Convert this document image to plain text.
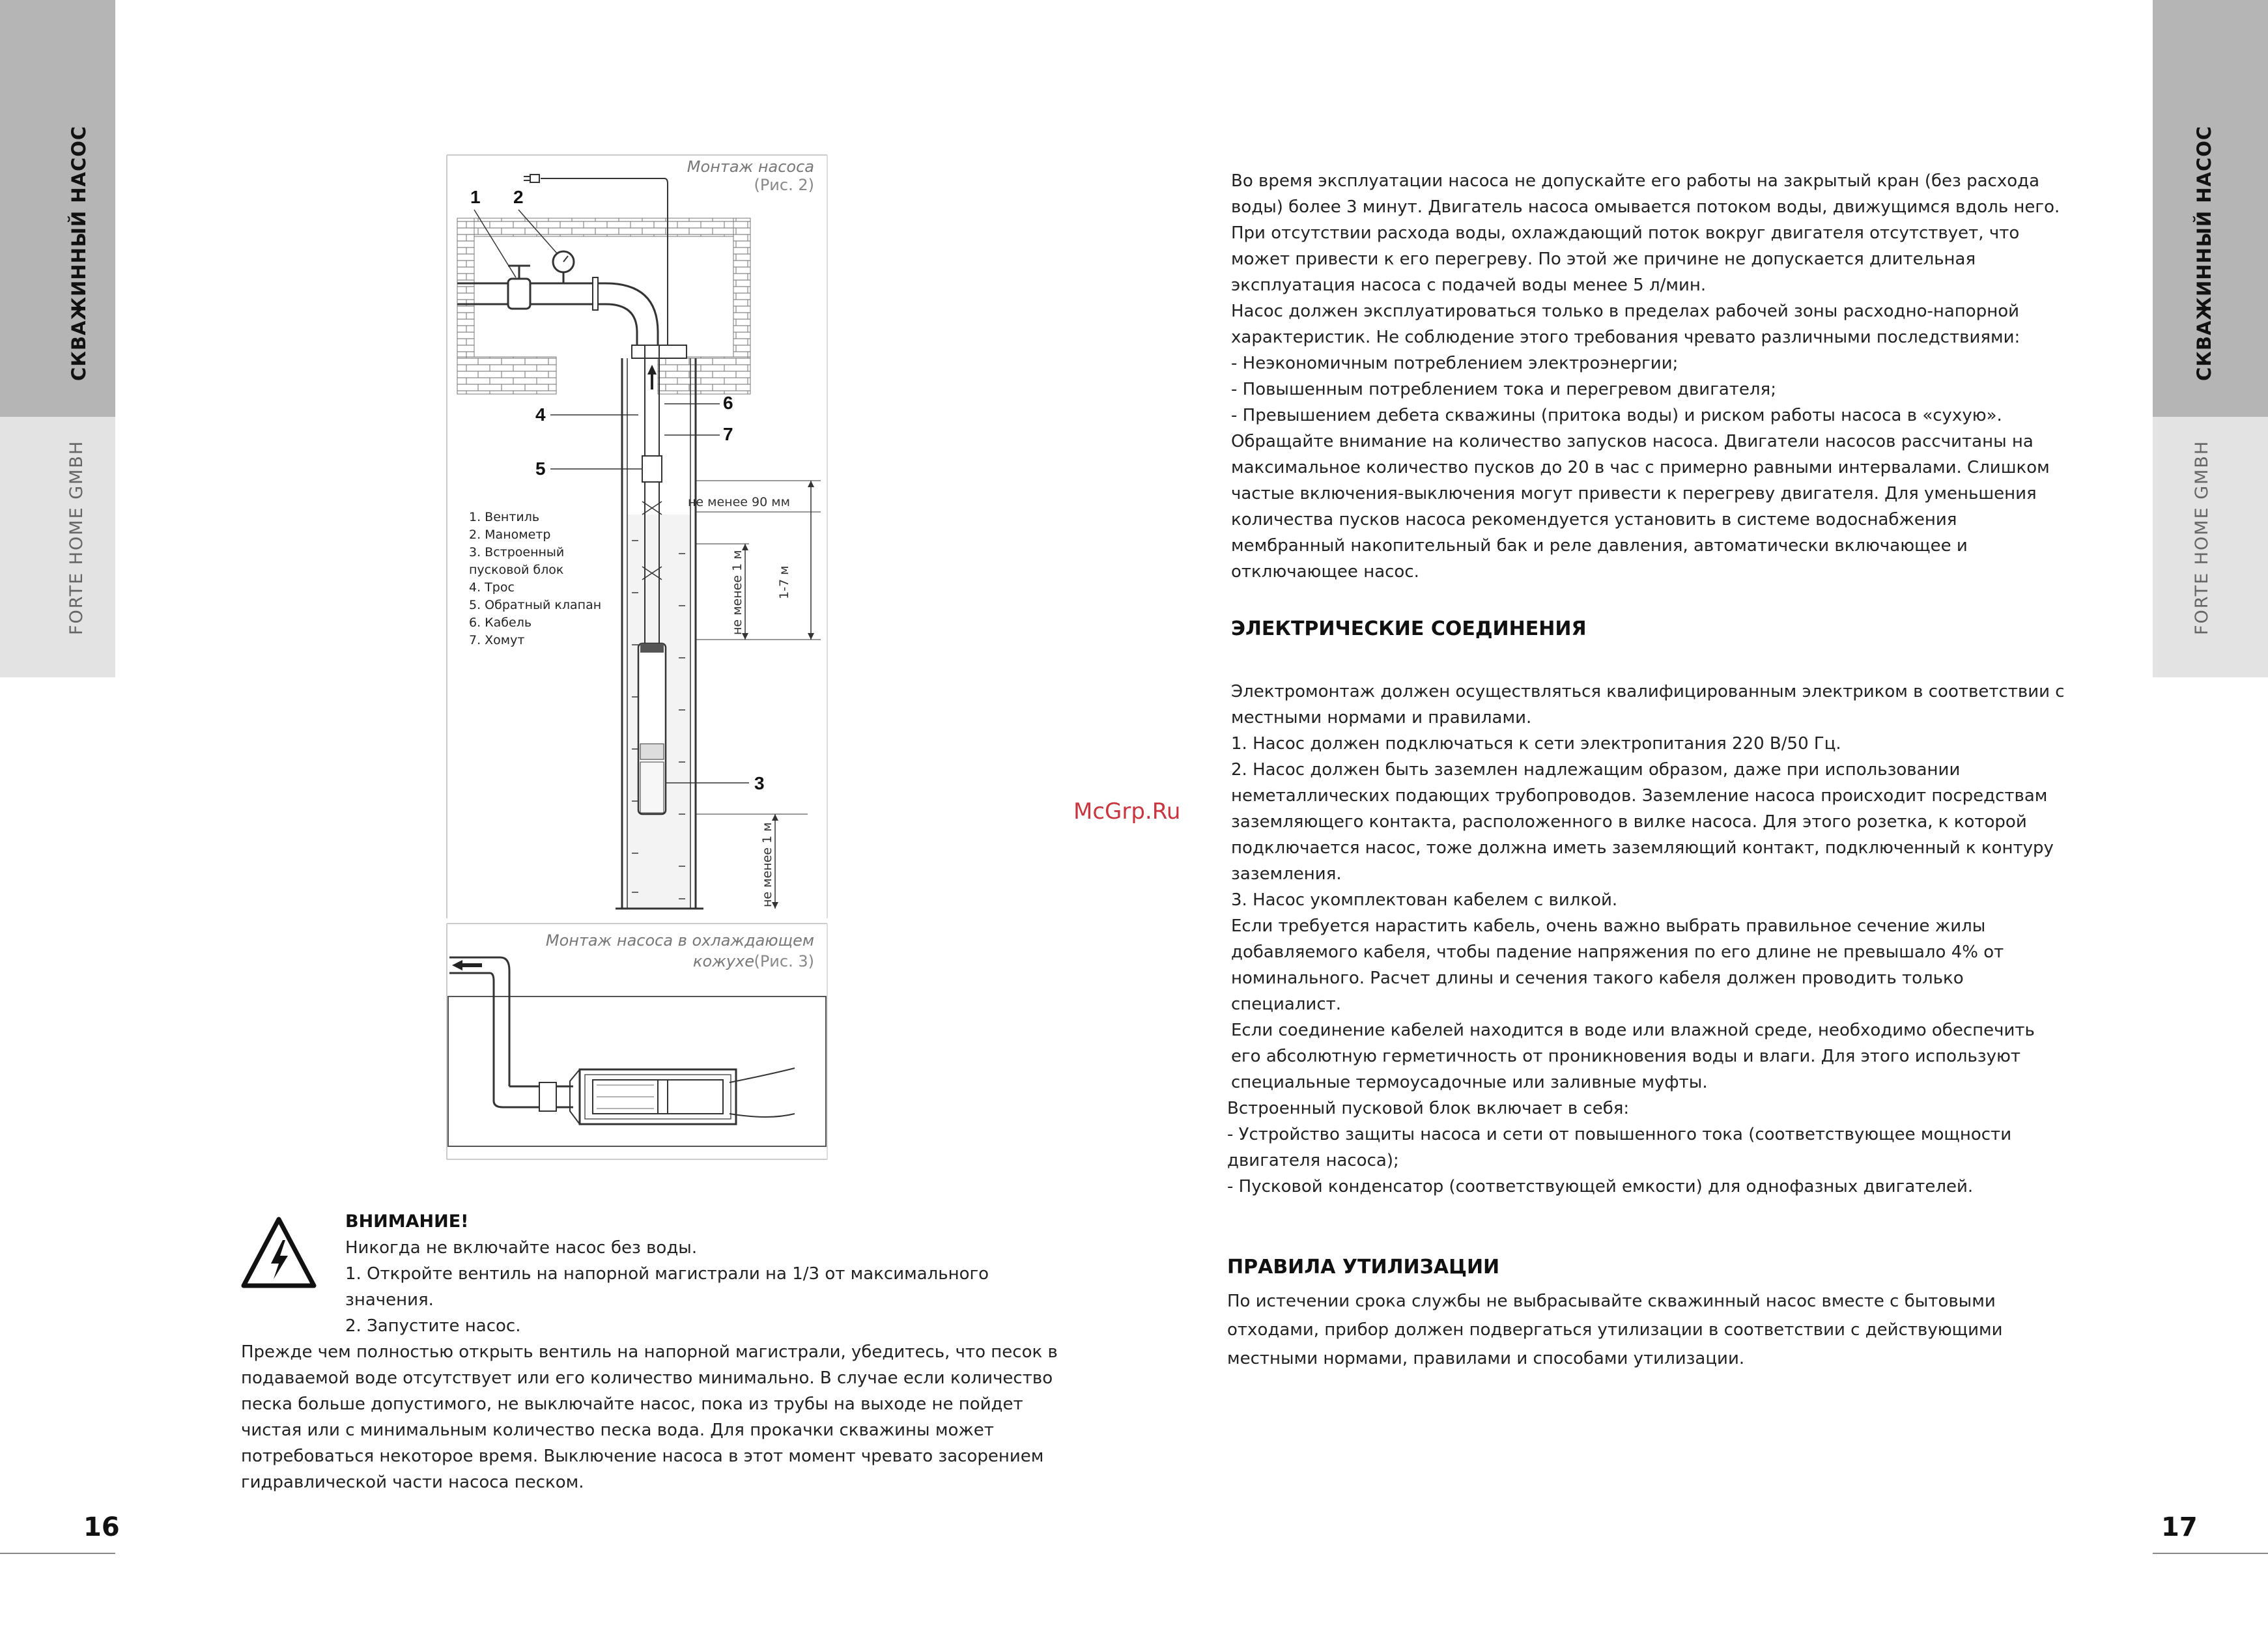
СКВАЖИННЫЙ НАСОС
FORTE HOME GMBH
16
СКВАЖИННЫЙ НАСОС
FORTE HOME GMBH
17
Монтаж насоса
(Рис. 2)
1 2
4
5
6
7
3
не менее 90 мм
не менее 1 м	1-7 м
не менее 1 м
1. Вентиль
2. Манометр
3. Встроенный
пусковой блок
4. Трос
5. Обратный клапан
6. Кабель
7. Хомут
Монтаж насоса в охлаждающем
кожухе (Рис. 3)
ВНИМАНИЕ!

Никогда не включайте насос без воды.

1. Откройте вентиль на напорной магистрали на 1/3 от максимального

значения.

2. Запустите насос.

Прежде чем полностью открыть вентиль на напорной магистрали, убедитесь, что песок в

подаваемой воде отсутствует или его количество минимально. В случае если количество

песка больше допустимого, не выключайте насос, пока из трубы на выходе не пойдет

чистая или с минимальным количество песка вода. Для прокачки скважины может

потребоваться некоторое время. Выключение насоса в этот момент чревато засорением

гидравлической части насоса песком.

McGrp.Ru

Во время эксплуатации насоса не допускайте его работы на закрытый кран (без расхода

воды) более 3 минут. Двигатель насоса омывается потоком воды, движущимся вдоль него.

При отсутствии расхода воды, охлаждающий поток вокруг двигателя отсутствует, что

может привести к его перегреву. По этой же причине не допускается длительная

эксплуатация насоса с подачей воды менее 5 л/мин.

Насос должен эксплуатироваться только в пределах рабочей зоны расходно-напорной

характеристик. Не соблюдение этого требования чревато различными последствиями:

- Неэкономичным потреблением электроэнергии;

- Повышенным потреблением тока и перегревом двигателя;

- Превышением дебета скважины (притока воды) и риском работы насоса в «сухую».

Обращайте внимание на количество запусков насоса. Двигатели насосов рассчитаны на

максимальное количество пусков до 20 в час с примерно равными интервалами. Слишком

частые включения-выключения могут привести к перегреву двигателя. Для уменьшения

количества пусков насоса рекомендуется установить в системе водоснабжения

мембранный накопительный бак и реле давления, автоматически включающее и

отключающее насос.

ЭЛЕКТРИЧЕСКИЕ СОЕДИНЕНИЯ

Электромонтаж должен осуществляться квалифицированным электриком в соответствии с

местными нормами и правилами.

1. Насос должен подключаться к сети электропитания 220 В/50 Гц.

2. Насос должен быть заземлен надлежащим образом, даже при использовании

неметаллических подающих трубопроводов. Заземление насоса происходит посредствам

заземляющего контакта, расположенного в вилке насоса. Для этого розетка, к которой

подключается насос, тоже должна иметь заземляющий контакт, подключенный к контуру

заземления.

3. Насос укомплектован кабелем с вилкой.

Если требуется нарастить кабель, очень важно выбрать правильное сечение жилы

добавляемого кабеля, чтобы падение напряжения по его длине не превышало 4% от

номинального. Расчет длины и сечения такого кабеля должен проводить только

специалист.

Если соединение кабелей находится в воде или влажной среде, необходимо обеспечить

его абсолютную герметичность от проникновения воды и влаги. Для этого используют

специальные термоусадочные или заливные муфты.

Встроенный пусковой блок включает в себя:

- Устройство защиты насоса и сети от повышенного тока (соответствующее мощности

двигателя насоса);

- Пусковой конденсатор (соответствующей емкости) для однофазных двигателей.

ПРАВИЛА УТИЛИЗАЦИИ

По истечении срока службы не выбрасывайте скважинный насос вместе с бытовыми

отходами, прибор должен подвергаться утилизации в соответствии с действующими

местными нормами, правилами и способами утилизации.
